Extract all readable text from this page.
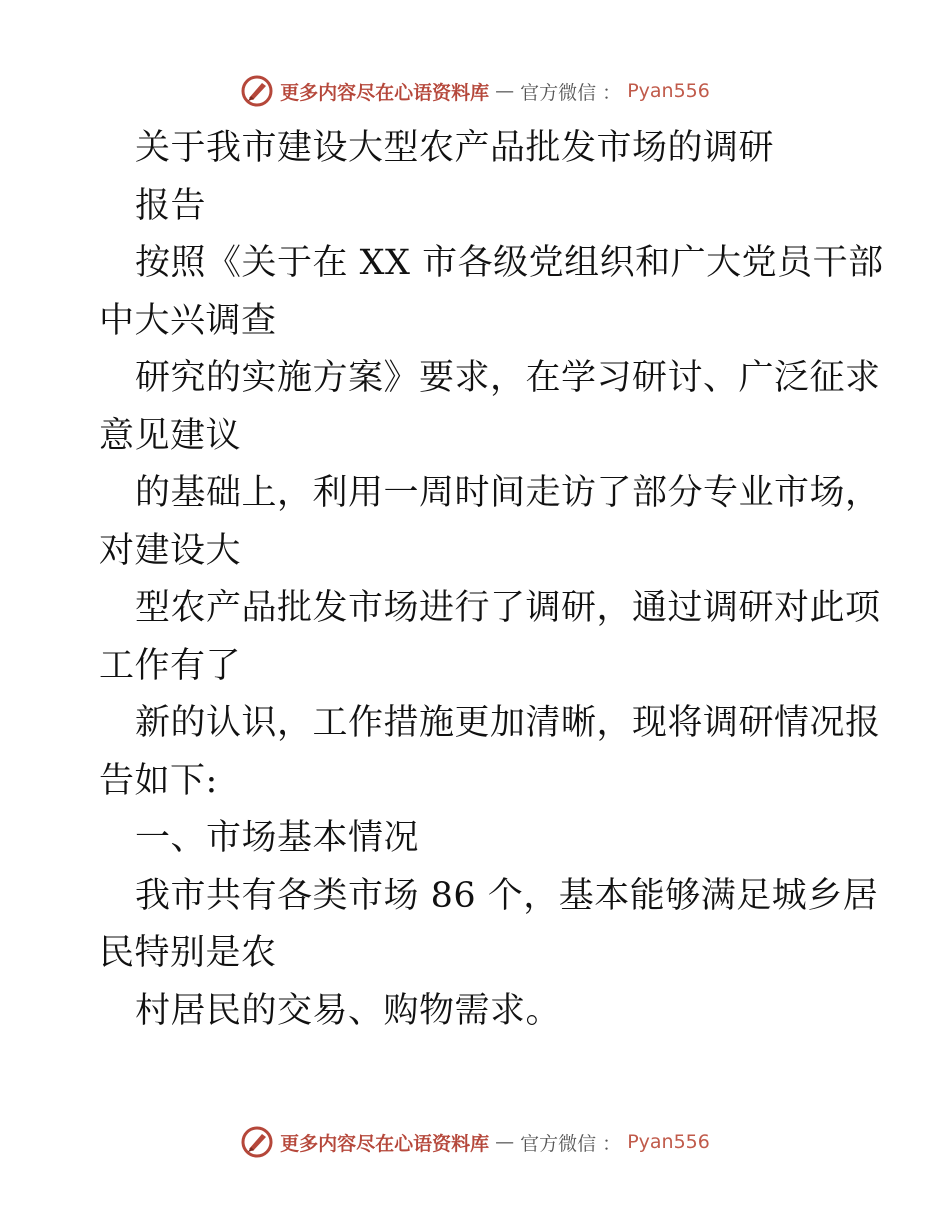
更多内容尽在心语资料库 — 官方微信 ： Pyan556
关于我市建设大型农产品批发市场的调研
报告
按照《关于在 XX 市各级党组织和广大党员干部
中大兴调查
研究的实施方案》要求，在学习研讨、广泛征求
意见建议
的基础上，利用一周时间走访了部分专业市场，
对建设大
型农产品批发市场进行了调研，通过调研对此项
工作有了
新的认识，工作措施更加清晰，现将调研情况报
告如下:
一、市场基本情况
我市共有各类市场 86 个，基本能够满足城乡居
民特别是农
村居民的交易、购物需求。
更多内容尽在心语资料库 — 官方微信 ： Pyan556
